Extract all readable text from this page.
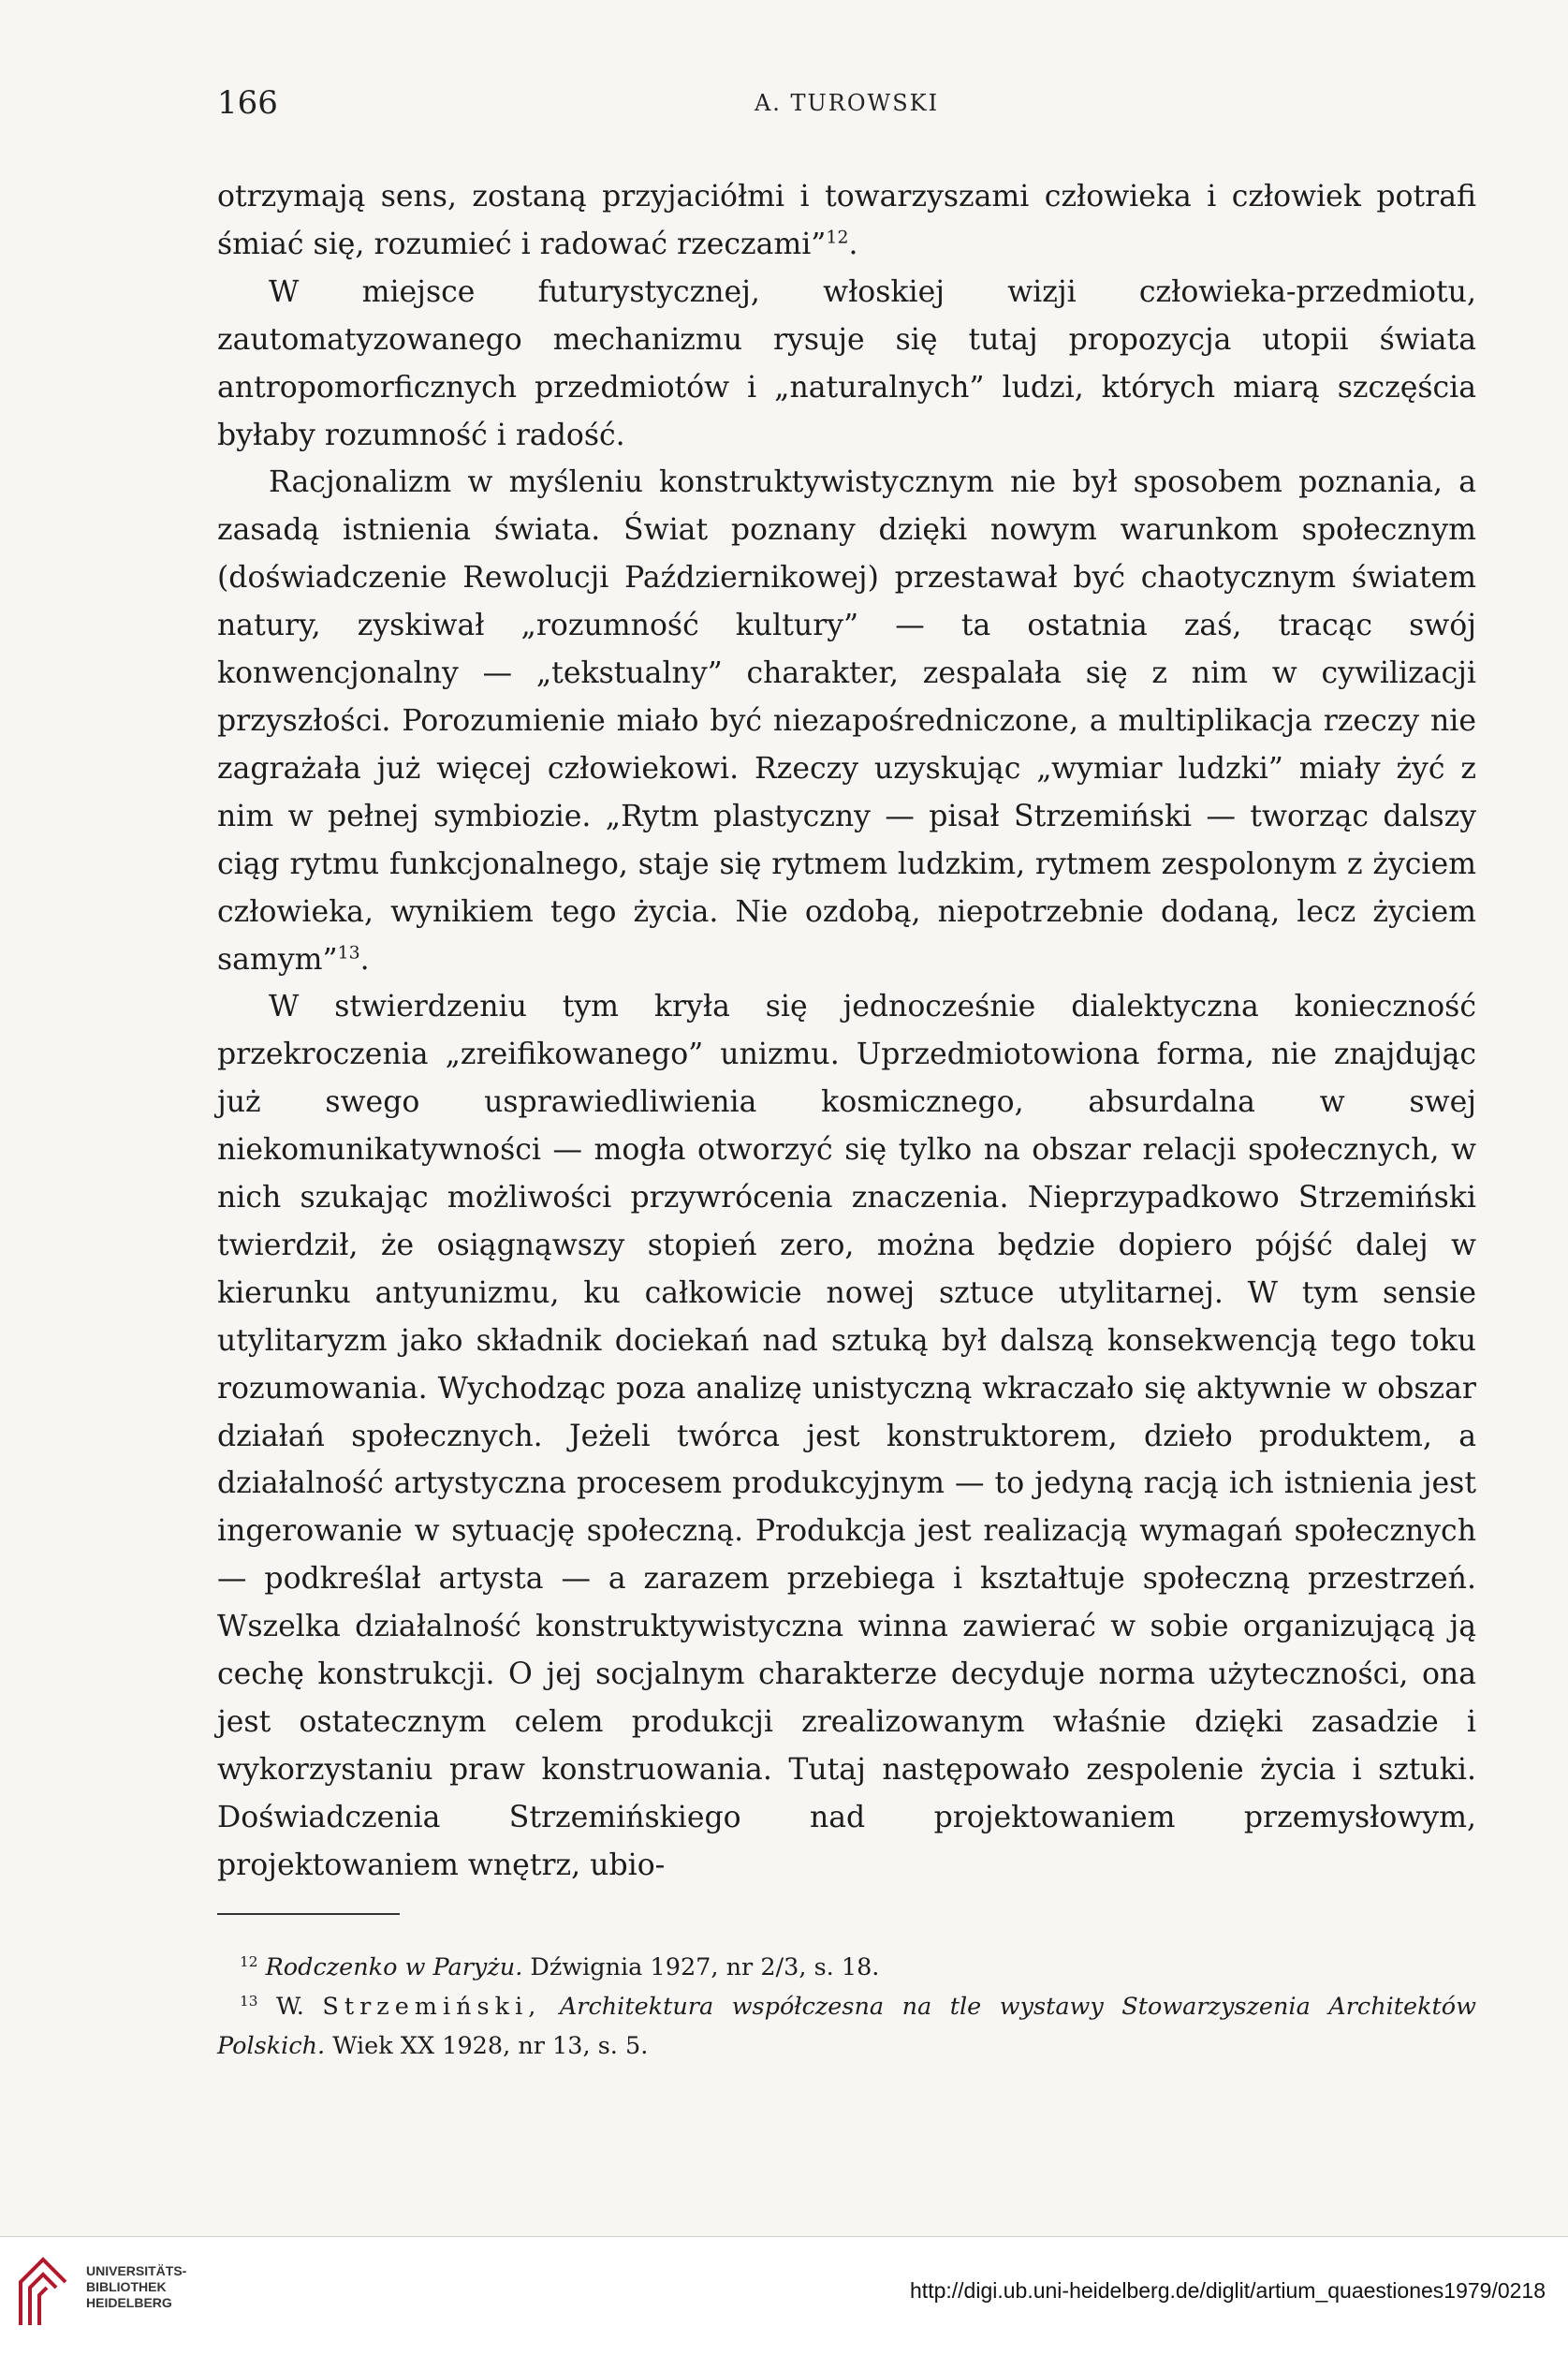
166	A. TUROWSKI

otrzymają sens, zostaną przyjaciółmi i towarzyszami człowieka i człowiek potrafi śmiać się, rozumieć i radować rzeczami”$^{12}$.

W miejsce futurystycznej, włoskiej wizji człowieka-przedmiotu, zautomatyzowanego mechanizmu rysuje się tutaj propozycja utopii świata antropomorficznych przedmiotów i „naturalnych” ludzi, których miarą szczęścia byłaby rozumność i radość.

Racjonalizm w myśleniu konstruktywistycznym nie był sposobem poznania, a zasadą istnienia świata. Świat poznany dzięki nowym warunkom społecznym (doświadczenie Rewolucji Październikowej) przestawał być chaotycznym światem natury, zyskiwał „rozumność kultury” — ta ostatnia zaś, tracąc swój konwencjonalny — „tekstualny” charakter, zespalała się z nim w cywilizacji przyszłości. Porozumienie miało być niezapośredniczone, a multiplikacja rzeczy nie zagrażała już więcej człowiekowi. Rzeczy uzyskując „wymiar ludzki” miały żyć z nim w pełnej symbiozie. „Rytm plastyczny — pisał Strzemiński — tworząc dalszy ciąg rytmu funkcjonalnego, staje się rytmem ludzkim, rytmem zespolonym z życiem człowieka, wynikiem tego życia. Nie ozdobą, niepotrzebnie dodaną, lecz życiem samym”$^{13}$.

W stwierdzeniu tym kryła się jednocześnie dialektyczna konieczność przekroczenia „zreifikowanego” unizmu. Uprzedmiotowiona forma, nie znajdując już swego usprawiedliwienia kosmicznego, absurdalna w swej niekomunikatywności — mogła otworzyć się tylko na obszar relacji społecznych, w nich szukając możliwości przywrócenia znaczenia. Nieprzypadkowo Strzemiński twierdził, że osiągnąwszy stopień zero, można będzie dopiero pójść dalej w kierunku antyunizmu, ku całkowicie nowej sztuce utylitarnej. W tym sensie utylitaryzm jako składnik dociekań nad sztuką był dalszą konsekwencją tego toku rozumowania. Wychodząc poza analizę unistyczną wkraczało się aktywnie w obszar działań społecznych. Jeżeli twórca jest konstruktorem, dzieło produktem, a działalność artystyczna procesem produkcyjnym — to jedyną racją ich istnienia jest ingerowanie w sytuację społeczną. Produkcja jest realizacją wymagań społecznych — podkreślał artysta — a zarazem przebiega i kształtuje społeczną przestrzeń. Wszelka działalność konstruktywistyczna winna zawierać w sobie organizującą ją cechę konstrukcji. O jej socjalnym charakterze decyduje norma użyteczności, ona jest ostatecznym celem produkcji zrealizowanym właśnie dzięki zasadzie i wykorzystaniu praw konstruowania. Tutaj następowało zespolenie życia i sztuki. Doświadczenia Strzemińskiego nad projektowaniem przemysłowym, projektowaniem wnętrz, ubio-

$^{12}$ Rodczenko w Paryżu. Dźwignia 1927, nr 2/3, s. 18.

$^{13}$ W. Strzemiński, Architektura współczesna na tle wystawy Stowarzyszenia Architektów Polskich. Wiek XX 1928, nr 13, s. 5.

UNIVERSITÄTS-
BIBLIOTHEK
HEIDELBERG	http://digi.ub.uni-heidelberg.de/diglit/artium_quaestiones1979/0218
